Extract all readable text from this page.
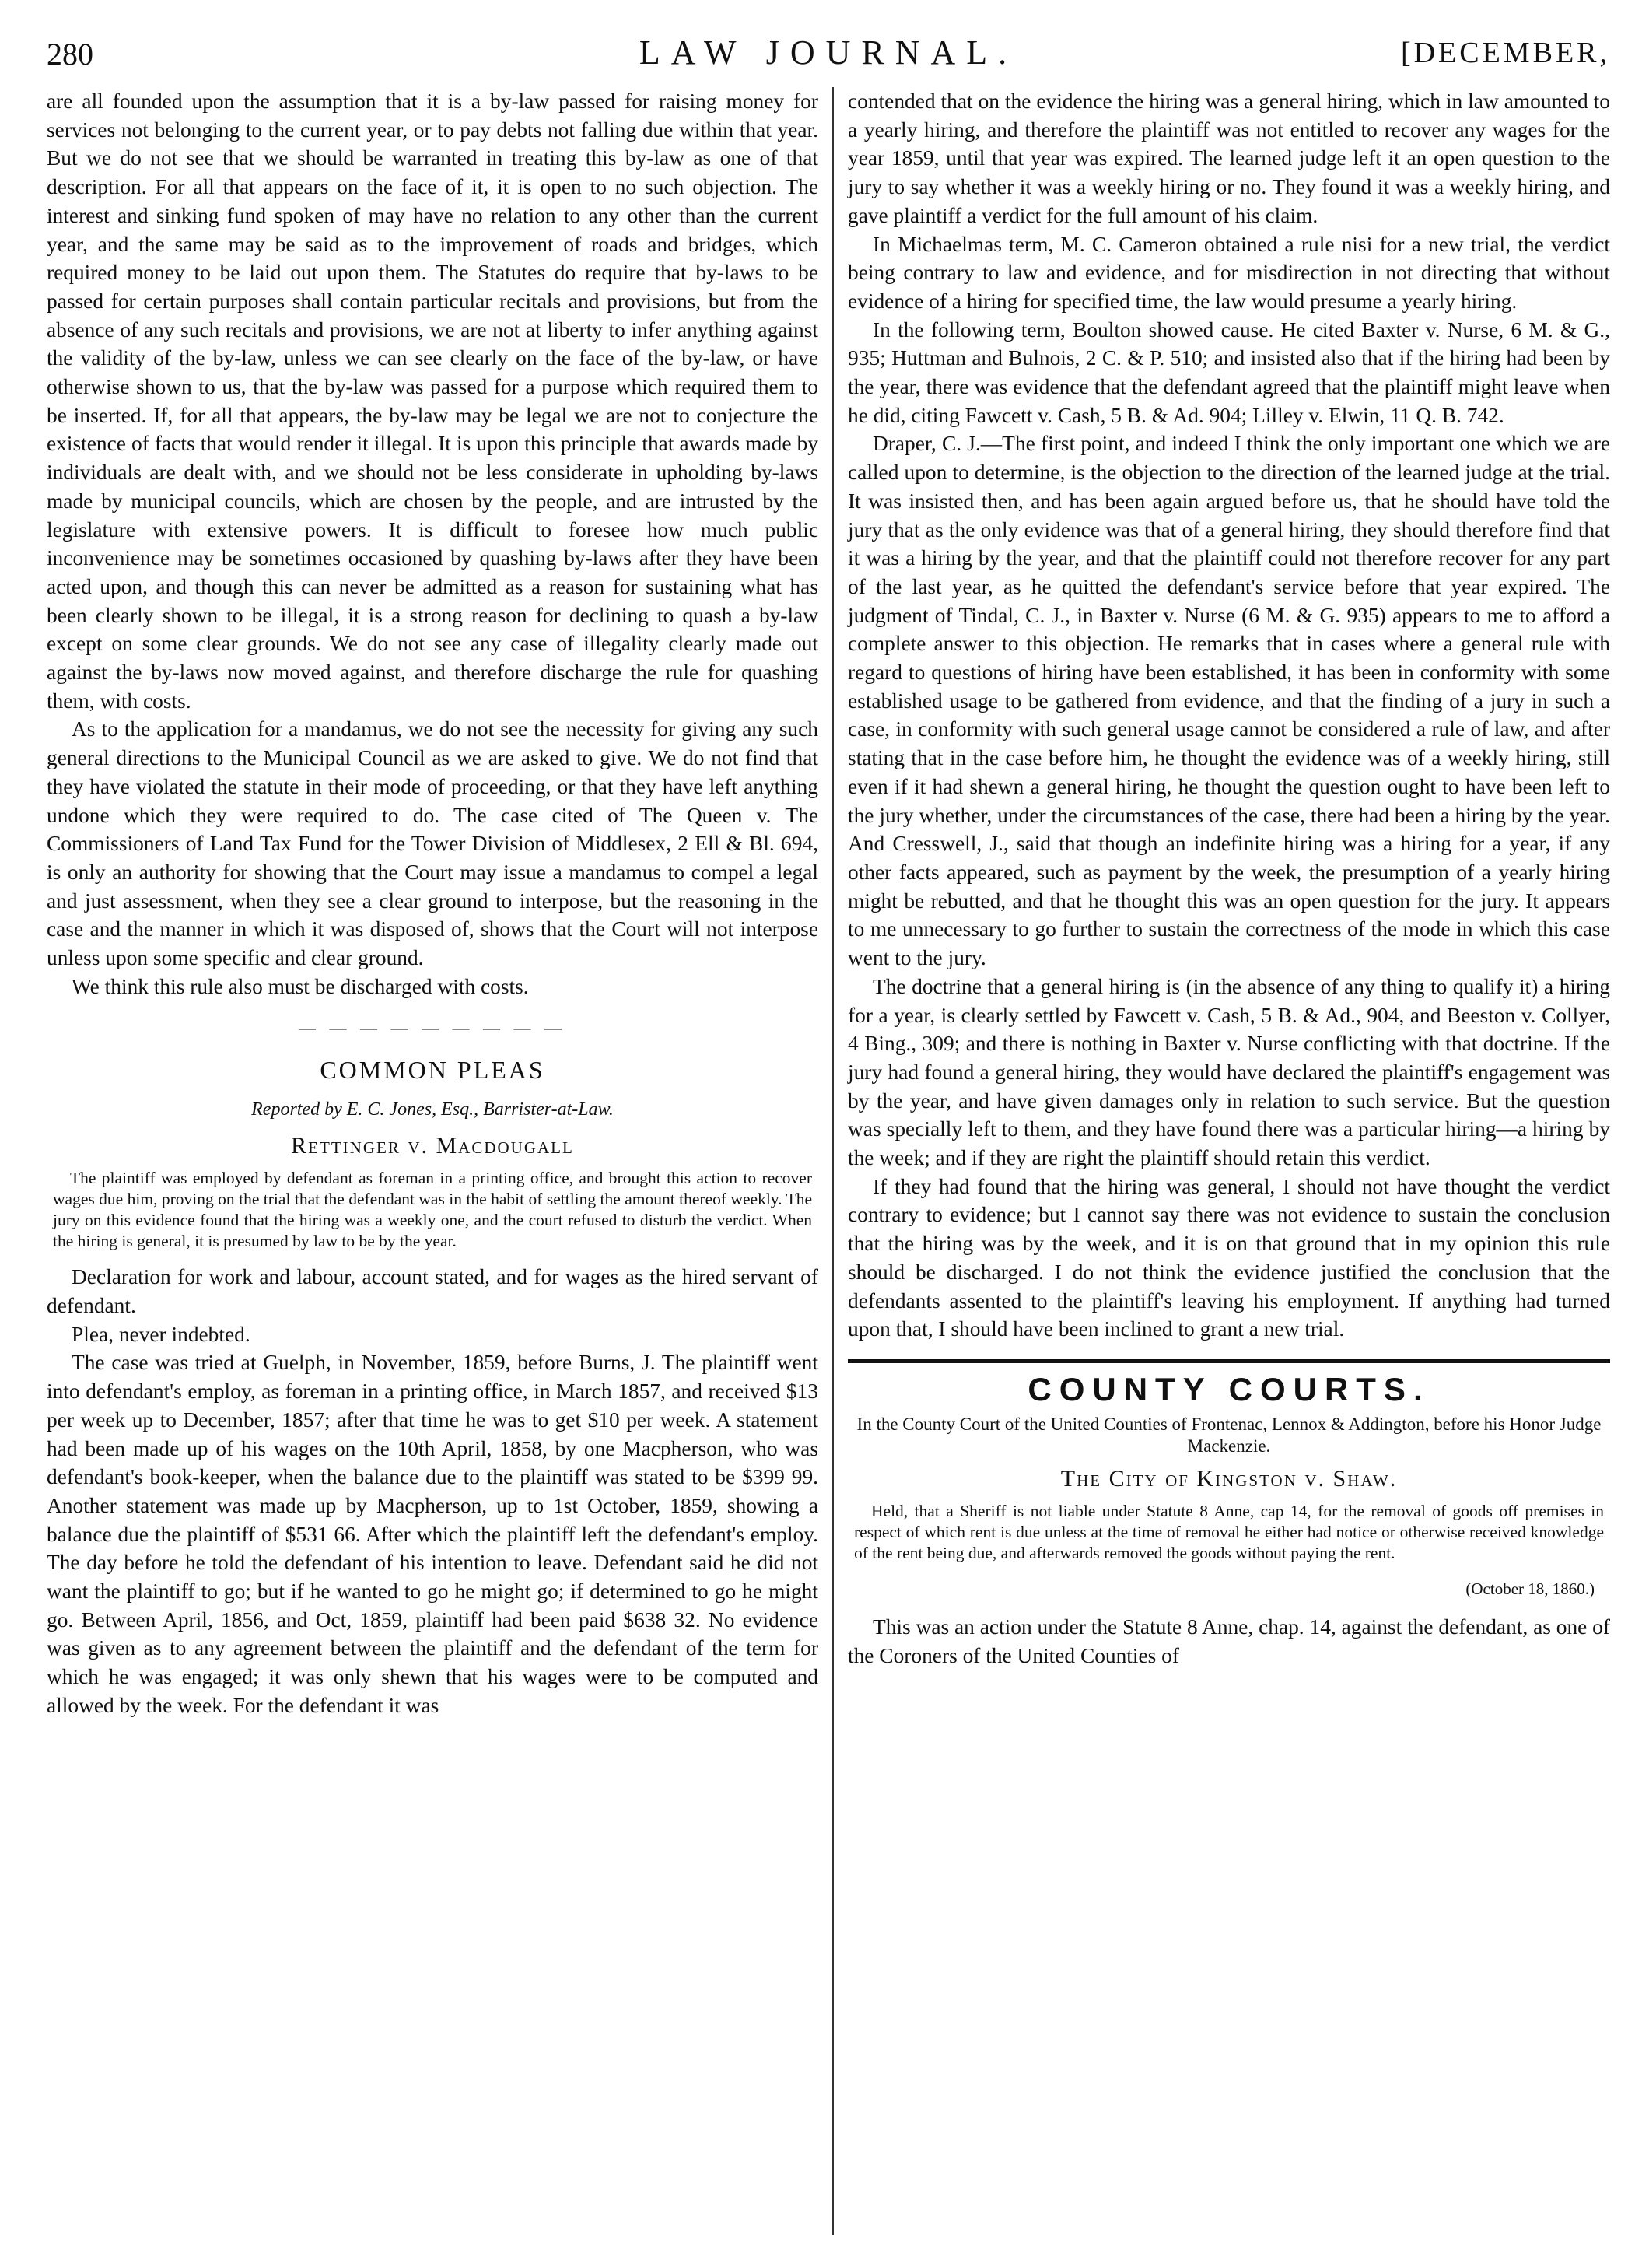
280	LAW JOURNAL.	[DECEMBER,

are all founded upon the assumption that it is a by-law passed for raising money for services not belonging to the current year, or to pay debts not falling due within that year. But we do not see that we should be warranted in treating this by-law as one of that description. For all that appears on the face of it, it is open to no such objection. The interest and sinking fund spoken of may have no relation to any other than the current year, and the same may be said as to the improvement of roads and bridges, which required money to be laid out upon them. The Statutes do require that by-laws to be passed for certain purposes shall contain particular recitals and provisions, but from the absence of any such recitals and provisions, we are not at liberty to infer anything against the validity of the by-law, unless we can see clearly on the face of the by-law, or have otherwise shown to us, that the by-law was passed for a purpose which required them to be inserted. If, for all that appears, the by-law may be legal we are not to conjecture the existence of facts that would render it illegal. It is upon this principle that awards made by individuals are dealt with, and we should not be less considerate in upholding by-laws made by municipal councils, which are chosen by the people, and are intrusted by the legislature with extensive powers. It is difficult to foresee how much public inconvenience may be sometimes occasioned by quashing by-laws after they have been acted upon, and though this can never be admitted as a reason for sustaining what has been clearly shown to be illegal, it is a strong reason for declining to quash a by-law except on some clear grounds. We do not see any case of illegality clearly made out against the by-laws now moved against, and therefore discharge the rule for quashing them, with costs.

As to the application for a mandamus, we do not see the necessity for giving any such general directions to the Municipal Council as we are asked to give. We do not find that they have violated the statute in their mode of proceeding, or that they have left anything undone which they were required to do. The case cited of The Queen v. The Commissioners of Land Tax Fund for the Tower Division of Middlesex, 2 Ell & Bl. 694, is only an authority for showing that the Court may issue a mandamus to compel a legal and just assessment, when they see a clear ground to interpose, but the reasoning in the case and the manner in which it was disposed of, shows that the Court will not interpose unless upon some specific and clear ground.

We think this rule also must be discharged with costs.

— — — — — — — — —
COMMON PLEAS
Reported by E. C. Jones, Esq., Barrister-at-Law.
Rettinger v. Macdougall

The plaintiff was employed by defendant as foreman in a printing office, and brought this action to recover wages due him, proving on the trial that the defendant was in the habit of settling the amount thereof weekly. The jury on this evidence found that the hiring was a weekly one, and the court refused to disturb the verdict. When the hiring is general, it is presumed by law to be by the year.

Declaration for work and labour, account stated, and for wages as the hired servant of defendant.

Plea, never indebted.

The case was tried at Guelph, in November, 1859, before Burns, J. The plaintiff went into defendant's employ, as foreman in a printing office, in March 1857, and received $13 per week up to December, 1857; after that time he was to get $10 per week. A statement had been made up of his wages on the 10th April, 1858, by one Macpherson, who was defendant's book-keeper, when the balance due to the plaintiff was stated to be $399 99. Another statement was made up by Macpherson, up to 1st October, 1859, showing a balance due the plaintiff of $531 66. After which the plaintiff left the defendant's employ. The day before he told the defendant of his intention to leave. Defendant said he did not want the plaintiff to go; but if he wanted to go he might go; if determined to go he might go. Between April, 1856, and Oct, 1859, plaintiff had been paid $638 32. No evidence was given as to any agreement between the plaintiff and the defendant of the term for which he was engaged; it was only shewn that his wages were to be computed and allowed by the week. For the defendant it was

contended that on the evidence the hiring was a general hiring, which in law amounted to a yearly hiring, and therefore the plaintiff was not entitled to recover any wages for the year 1859, until that year was expired. The learned judge left it an open question to the jury to say whether it was a weekly hiring or no. They found it was a weekly hiring, and gave plaintiff a verdict for the full amount of his claim.

In Michaelmas term, M. C. Cameron obtained a rule nisi for a new trial, the verdict being contrary to law and evidence, and for misdirection in not directing that without evidence of a hiring for specified time, the law would presume a yearly hiring.

In the following term, Boulton showed cause. He cited Baxter v. Nurse, 6 M. & G., 935; Huttman and Bulnois, 2 C. & P. 510; and insisted also that if the hiring had been by the year, there was evidence that the defendant agreed that the plaintiff might leave when he did, citing Fawcett v. Cash, 5 B. & Ad. 904; Lilley v. Elwin, 11 Q. B. 742.

Draper, C. J.—The first point, and indeed I think the only important one which we are called upon to determine, is the objection to the direction of the learned judge at the trial. It was insisted then, and has been again argued before us, that he should have told the jury that as the only evidence was that of a general hiring, they should therefore find that it was a hiring by the year, and that the plaintiff could not therefore recover for any part of the last year, as he quitted the defendant's service before that year expired. The judgment of Tindal, C. J., in Baxter v. Nurse (6 M. & G. 935) appears to me to afford a complete answer to this objection. He remarks that in cases where a general rule with regard to questions of hiring have been established, it has been in conformity with some established usage to be gathered from evidence, and that the finding of a jury in such a case, in conformity with such general usage cannot be considered a rule of law, and after stating that in the case before him, he thought the evidence was of a weekly hiring, still even if it had shewn a general hiring, he thought the question ought to have been left to the jury whether, under the circumstances of the case, there had been a hiring by the year. And Cresswell, J., said that though an indefinite hiring was a hiring for a year, if any other facts appeared, such as payment by the week, the presumption of a yearly hiring might be rebutted, and that he thought this was an open question for the jury. It appears to me unnecessary to go further to sustain the correctness of the mode in which this case went to the jury.

The doctrine that a general hiring is (in the absence of any thing to qualify it) a hiring for a year, is clearly settled by Fawcett v. Cash, 5 B. & Ad., 904, and Beeston v. Collyer, 4 Bing., 309; and there is nothing in Baxter v. Nurse conflicting with that doctrine. If the jury had found a general hiring, they would have declared the plaintiff's engagement was by the year, and have given damages only in relation to such service. But the question was specially left to them, and they have found there was a particular hiring—a hiring by the week; and if they are right the plaintiff should retain this verdict.

If they had found that the hiring was general, I should not have thought the verdict contrary to evidence; but I cannot say there was not evidence to sustain the conclusion that the hiring was by the week, and it is on that ground that in my opinion this rule should be discharged. I do not think the evidence justified the conclusion that the defendants assented to the plaintiff's leaving his employment. If anything had turned upon that, I should have been inclined to grant a new trial.

COUNTY COURTS.
In the County Court of the United Counties of Frontenac, Lennox & Addington, before his Honor Judge Mackenzie.
The City of Kingston v. Shaw.

Held, that a Sheriff is not liable under Statute 8 Anne, cap 14, for the removal of goods off premises in respect of which rent is due unless at the time of removal he either had notice or otherwise received knowledge of the rent being due, and afterwards removed the goods without paying the rent.

(October 18, 1860.)

This was an action under the Statute 8 Anne, chap. 14, against the defendant, as one of the Coroners of the United Counties of
